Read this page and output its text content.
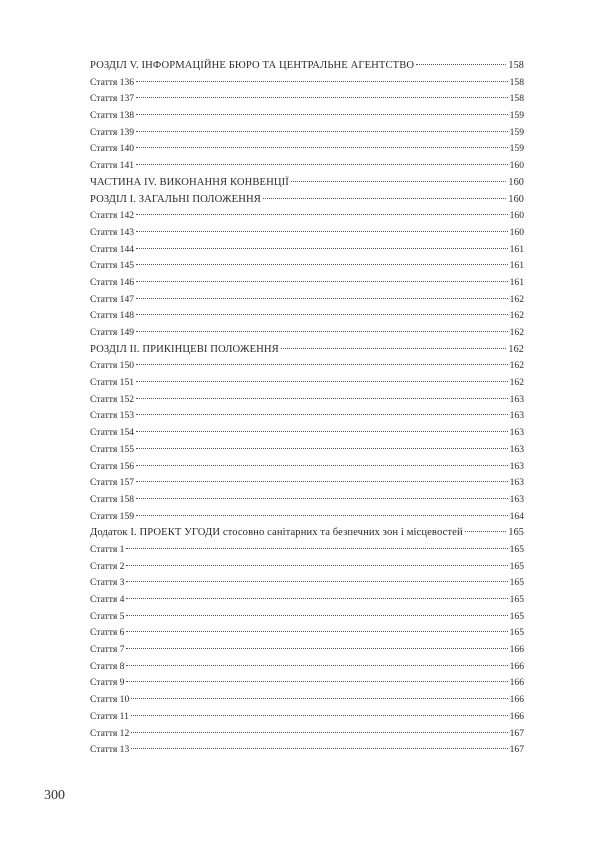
РОЗДІЛ V. ІНФОРМАЦІЙНЕ БЮРО ТА ЦЕНТРАЛЬНЕ АГЕНТСТВО	158
Стаття 136	158
Стаття 137	158
Стаття 138	159
Стаття 139	159
Стаття 140	159
Стаття 141	160
ЧАСТИНА IV. ВИКОНАННЯ КОНВЕНЦІЇ	160
РОЗДІЛ І. ЗАГАЛЬНІ ПОЛОЖЕННЯ	160
Стаття 142	160
Стаття 143	160
Стаття 144	161
Стаття 145	161
Стаття 146	161
Стаття 147	162
Стаття 148	162
Стаття 149	162
РОЗДІЛ ІІ. ПРИКІНЦЕВІ ПОЛОЖЕННЯ	162
Стаття 150	162
Стаття 151	162
Стаття 152	163
Стаття 153	163
Стаття 154	163
Стаття 155	163
Стаття 156	163
Стаття 157	163
Стаття 158	163
Стаття 159	164
Додаток І. ПРОЕКТ УГОДИ стосовно санітарних та безпечних зон і місцевостей	165
Стаття 1	165
Стаття 2	165
Стаття 3	165
Стаття 4	165
Стаття 5	165
Стаття 6	165
Стаття 7	166
Стаття 8	166
Стаття 9	166
Стаття 10	166
Стаття 11	166
Стаття 12	167
Стаття 13	167
300
